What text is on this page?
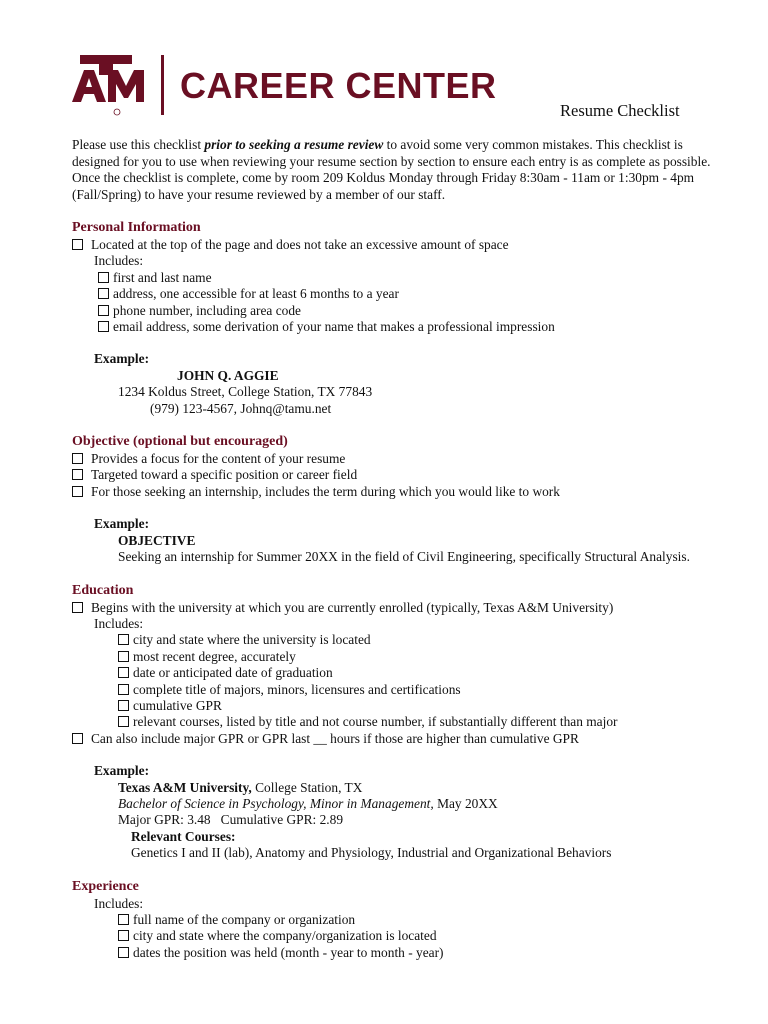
CAREER CENTER
Resume Checklist

Please use this checklist prior to seeking a resume review to avoid some very common mistakes. This checklist is designed for you to use when reviewing your resume section by section to ensure each entry is as complete as possible. Once the checklist is complete, come by room 209 Koldus Monday through Friday 8:30am - 11am or 1:30pm - 4pm (Fall/Spring) to have your resume reviewed by a member of our staff.

Personal Information
Located at the top of the page and does not take an excessive amount of space
Includes:
first and last name
address, one accessible for at least 6 months to a year
phone number, including area code
email address, some derivation of your name that makes a professional impression
Example:
JOHN Q. AGGIE
1234 Koldus Street, College Station, TX 77843
(979) 123-4567, Johnq@tamu.net
Objective (optional but encouraged)
Provides a focus for the content of your resume
Targeted toward a specific position or career field
For those seeking an internship, includes the term during which you would like to work
Example:
OBJECTIVE
Seeking an internship for Summer 20XX in the field of Civil Engineering, specifically Structural Analysis.
Education
Begins with the university at which you are currently enrolled (typically, Texas A&M University)
Includes:
city and state where the university is located
most recent degree, accurately
date or anticipated date of graduation
complete title of majors, minors, licensures and certifications
cumulative GPR
relevant courses, listed by title and not course number, if substantially different than major
Can also include major GPR or GPR last __ hours if those are higher than cumulative GPR
Example:
Texas A&M University, College Station, TX
Bachelor of Science in Psychology, Minor in Management, May 20XX
Major GPR: 3.48   Cumulative GPR: 2.89
Relevant Courses:
Genetics I and II (lab), Anatomy and Physiology, Industrial and Organizational Behaviors
Experience
Includes:
full name of the company or organization
city and state where the company/organization is located
dates the position was held (month - year to month - year)
